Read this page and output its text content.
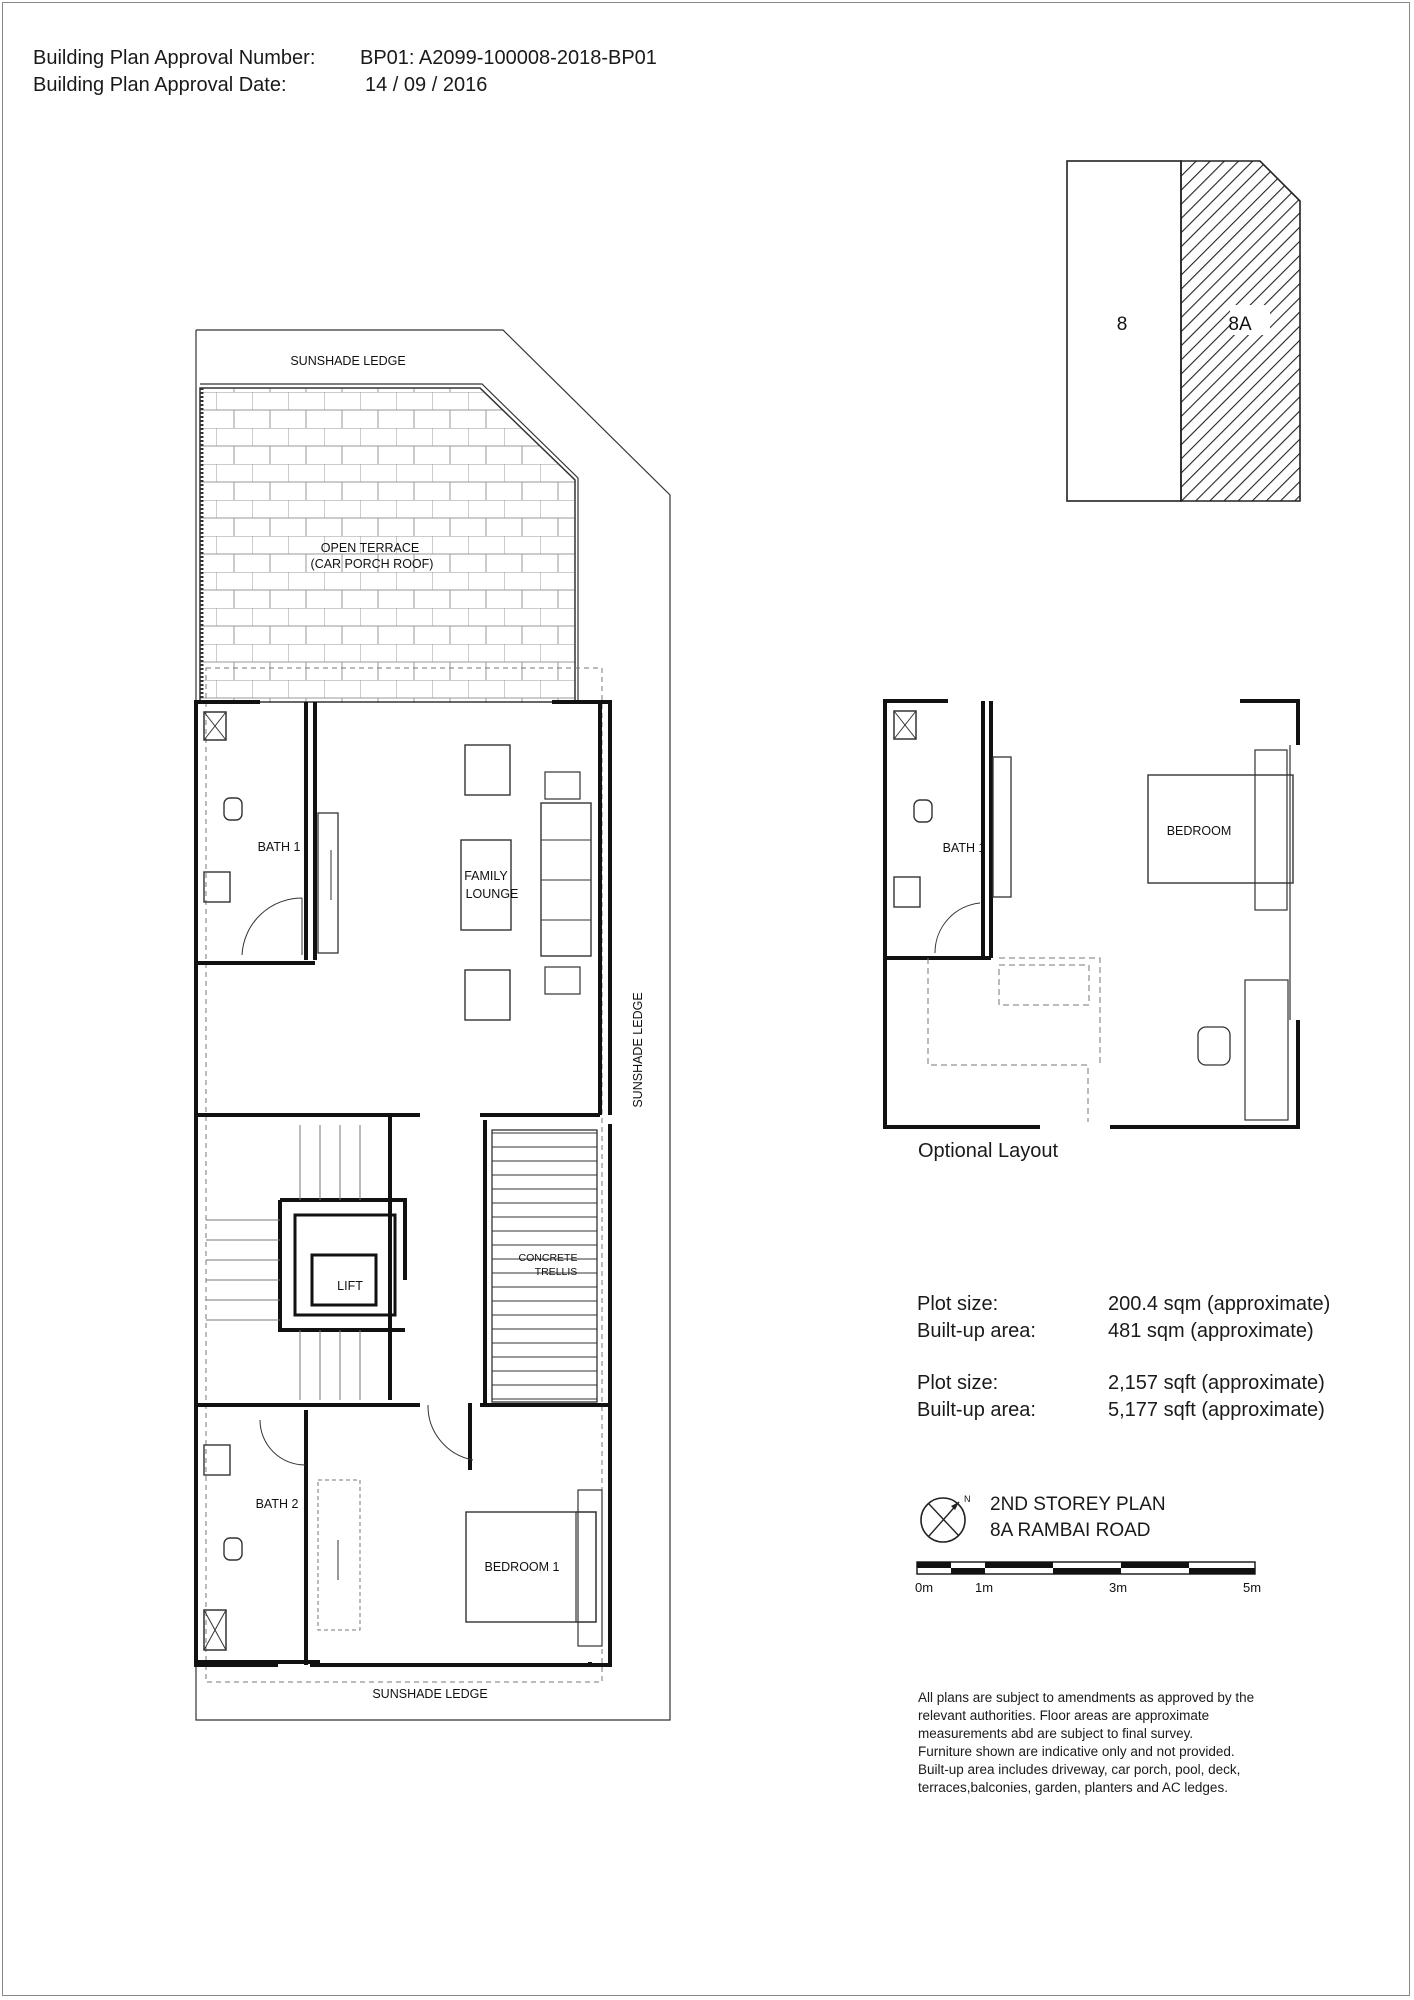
Building Plan Approval Number: BP01: A2099-100008-2018-BP01
Building Plan Approval Date:	14 / 09 / 2016
8	8A
SUNSHADE LEDGE
OPEN TERRACE
(CAR PORCH ROOF)
BATH 1
FAMILY
LOUNGE
SUNSHADE LEDGE
CONCRETE
TRELLIS
LIFT
BATH 2
BEDROOM 1
SUNSHADE LEDGE
BATH 1
BEDROOM
Optional Layout
Plot size:	200.4 sqm (approximate)
Built-up area:	481 sqm (approximate)
Plot size:	2,157 sqft (approximate)
Built-up area:	5,177 sqft (approximate)
N 2ND STOREY PLAN
8A RAMBAI ROAD
0m	1m	3m	5m
All plans are subject to amendments as approved by the
relevant authorities. Floor areas are approximate
measurements abd are subject to final survey.
Furniture shown are indicative only and not provided.
Built-up area includes driveway, car porch, pool, deck,
terraces,balconies, garden, planters and AC ledges.
